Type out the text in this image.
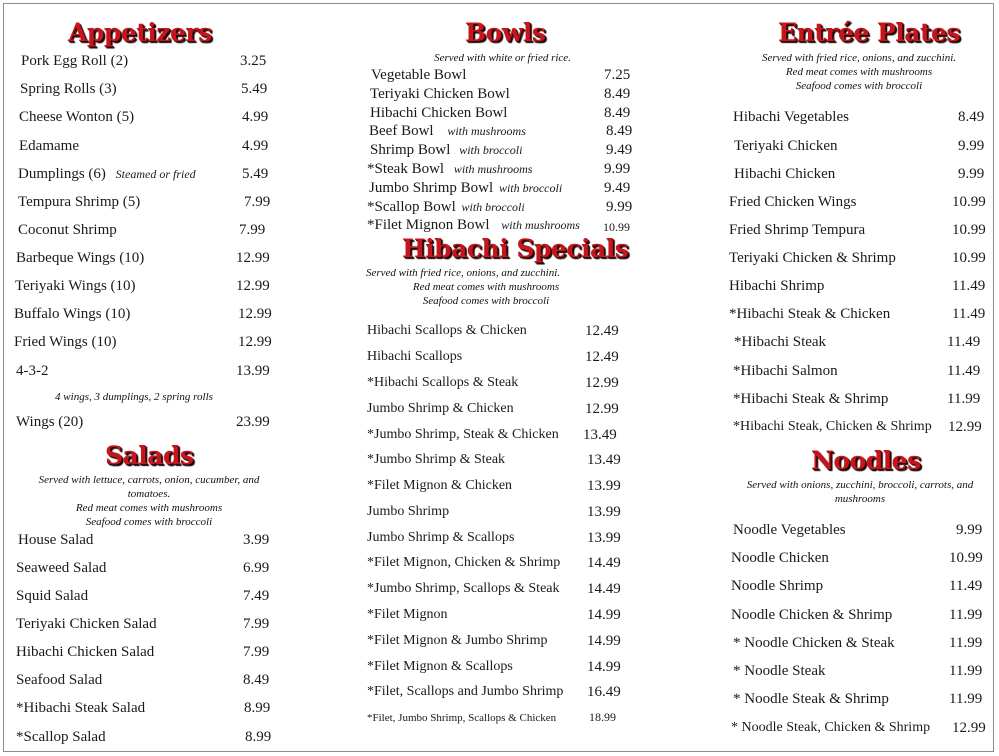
Appetizers
Pork Egg Roll (2)	3.25
Spring Rolls (3)	5.49
Cheese Wonton (5)	4.99
Edamame	4.99
Dumplings (6) Steamed or fried	5.49
Tempura Shrimp (5)	7.99
Coconut Shrimp	7.99
Barbeque Wings (10)	12.99
Teriyaki Wings (10)	12.99
Buffalo Wings (10)	12.99
Fried Wings (10)	12.99
4-3-2	13.99
4 wings, 3 dumplings, 2 spring rolls
Wings (20)	23.99
Salads
Served with lettuce, carrots, onion, cucumber, and tomatoes.
Red meat comes with mushrooms
Seafood comes with broccoli
House Salad	3.99
Seaweed Salad	6.99
Squid Salad	7.49
Teriyaki Chicken Salad	7.99
Hibachi Chicken Salad	7.99
Seafood Salad	8.49
*Hibachi Steak Salad	8.99
*Scallop Salad	8.99
Bowls
Served with white or fried rice.
Vegetable Bowl	7.25
Teriyaki Chicken Bowl	8.49
Hibachi Chicken Bowl	8.49
Beef Bowl with mushrooms	8.49
Shrimp Bowl with broccoli	9.49
*Steak Bowl with mushrooms	9.99
Jumbo Shrimp Bowl with broccoli	9.49
*Scallop Bowl with broccoli	9.99
*Filet Mignon Bowl with mushrooms 10.99
Hibachi Specials
Served with fried rice, onions, and zucchini.
Red meat comes with mushrooms
Seafood comes with broccoli
Hibachi Scallops & Chicken	12.49
Hibachi Scallops	12.49
*Hibachi Scallops & Steak	12.99
Jumbo Shrimp & Chicken	12.99
*Jumbo Shrimp, Steak & Chicken 13.49
*Jumbo Shrimp & Steak	13.49
*Filet Mignon & Chicken	13.99
Jumbo Shrimp	13.99
Jumbo Shrimp & Scallops	13.99
*Filet Mignon, Chicken & Shrimp 14.49
*Jumbo Shrimp, Scallops & Steak 14.49
*Filet Mignon	14.99
*Filet Mignon & Jumbo Shrimp	14.99
*Filet Mignon & Scallops	14.99
*Filet, Scallops and Jumbo Shrimp 16.49
*Filet, Jumbo Shrimp, Scallops & Chicken	18.99
Entrée Plates
Served with fried rice, onions, and zucchini.
Red meat comes with mushrooms
Seafood comes with broccoli
Hibachi Vegetables	8.49
Teriyaki Chicken	9.99
Hibachi Chicken	9.99
Fried Chicken Wings	10.99
Fried Shrimp Tempura	10.99
Teriyaki Chicken & Shrimp	10.99
Hibachi Shrimp	11.49
*Hibachi Steak & Chicken	11.49
*Hibachi Steak	11.49
*Hibachi Salmon	11.49
*Hibachi Steak & Shrimp	11.99
*Hibachi Steak, Chicken & Shrimp 12.99
Noodles
Served with onions, zucchini, broccoli, carrots, and mushrooms
Noodle Vegetables	9.99
Noodle Chicken	10.99
Noodle Shrimp	11.49
Noodle Chicken & Shrimp	11.99
* Noodle Chicken & Steak	11.99
* Noodle Steak	11.99
* Noodle Steak & Shrimp	11.99
* Noodle Steak, Chicken & Shrimp 12.99
